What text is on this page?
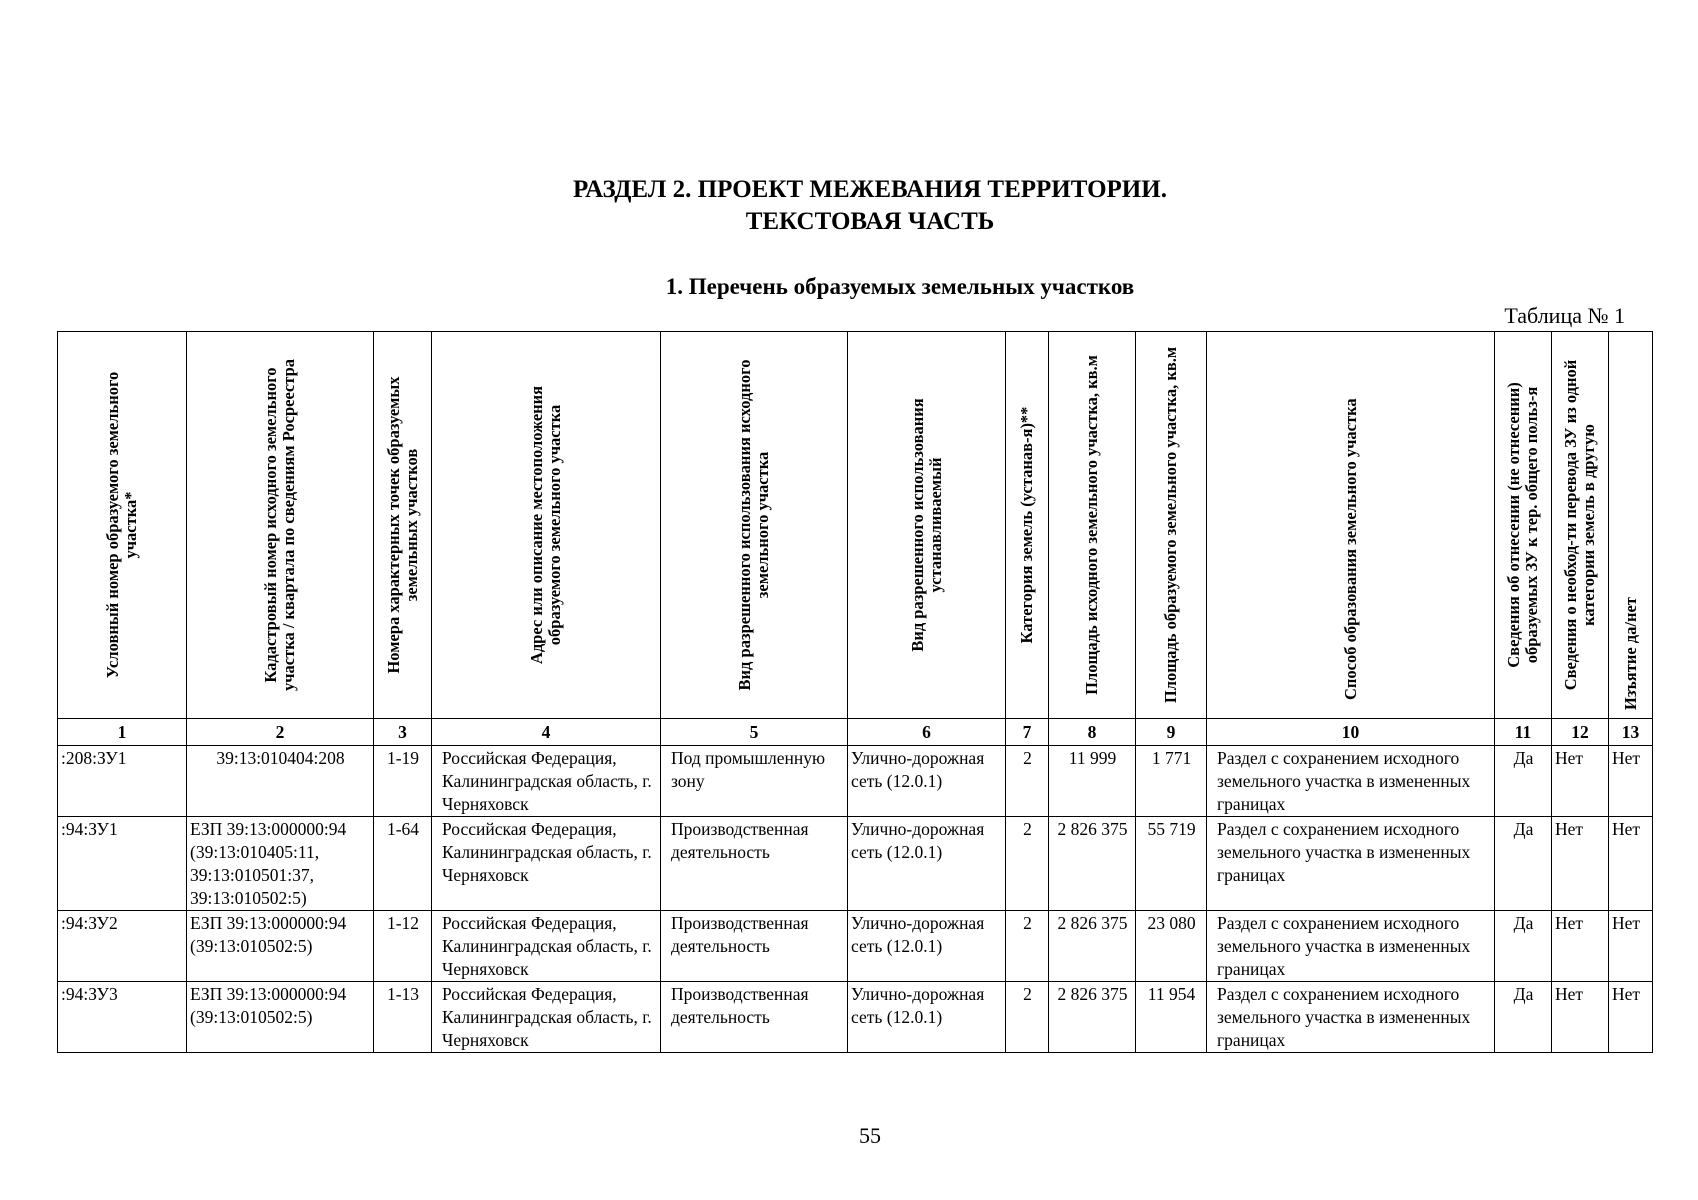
РАЗДЕЛ 2. ПРОЕКТ МЕЖЕВАНИЯ ТЕРРИТОРИИ.
ТЕКСТОВАЯ ЧАСТЬ
1. Перечень образуемых земельных участков
Таблица № 1
Условный номер образуемого земельного участка*	Кадастровый номер исходного земельного участка / квартала по сведениям Росреестра	Номера характерных точек образуемых земельных участков	Адрес или описание местоположения образуемого земельного участка	Вид разрешенного использования исходного земельного участка	Вид разрешенного использования устанавливаемый	Категория земель (устанав-я)**	Площадь исходного земельного участка, кв.м	Площадь образуемого земельного участка, кв.м	Способ образования земельного участка	Сведения об отнесении (не отнесении) образуемых ЗУ к тер. общего польз-я	Сведения о необход-ти перевода ЗУ из одной категории земель в другую	Изъятие да/нет

1	2	3	4	5	6	7	8	9	10	11	12	13
:208:ЗУ1	39:13:010404:208	1-19	Российская Федерация, Калининградская область, г. Черняховск	Под промышленную зону	Улично-дорожная сеть (12.0.1)	2	11 999	1 771	Раздел с сохранением исходного земельного участка в измененных границах	Да	Нет	Нет
:94:ЗУ1	ЕЗП 39:13:000000:94 (39:13:010405:11, 39:13:010501:37, 39:13:010502:5)	1-64	Российская Федерация, Калининградская область, г. Черняховск	Производственная деятельность	Улично-дорожная сеть (12.0.1)	2	2 826 375	55 719	Раздел с сохранением исходного земельного участка в измененных границах	Да	Нет	Нет
:94:ЗУ2	ЕЗП 39:13:000000:94 (39:13:010502:5)	1-12	Российская Федерация, Калининградская область, г. Черняховск	Производственная деятельность	Улично-дорожная сеть (12.0.1)	2	2 826 375	23 080	Раздел с сохранением исходного земельного участка в измененных границах	Да	Нет	Нет
:94:ЗУ3	ЕЗП 39:13:000000:94 (39:13:010502:5)	1-13	Российская Федерация, Калининградская область, г. Черняховск	Производственная деятельность	Улично-дорожная сеть (12.0.1)	2	2 826 375	11 954	Раздел с сохранением исходного земельного участка в измененных границах	Да	Нет	Нет
55
